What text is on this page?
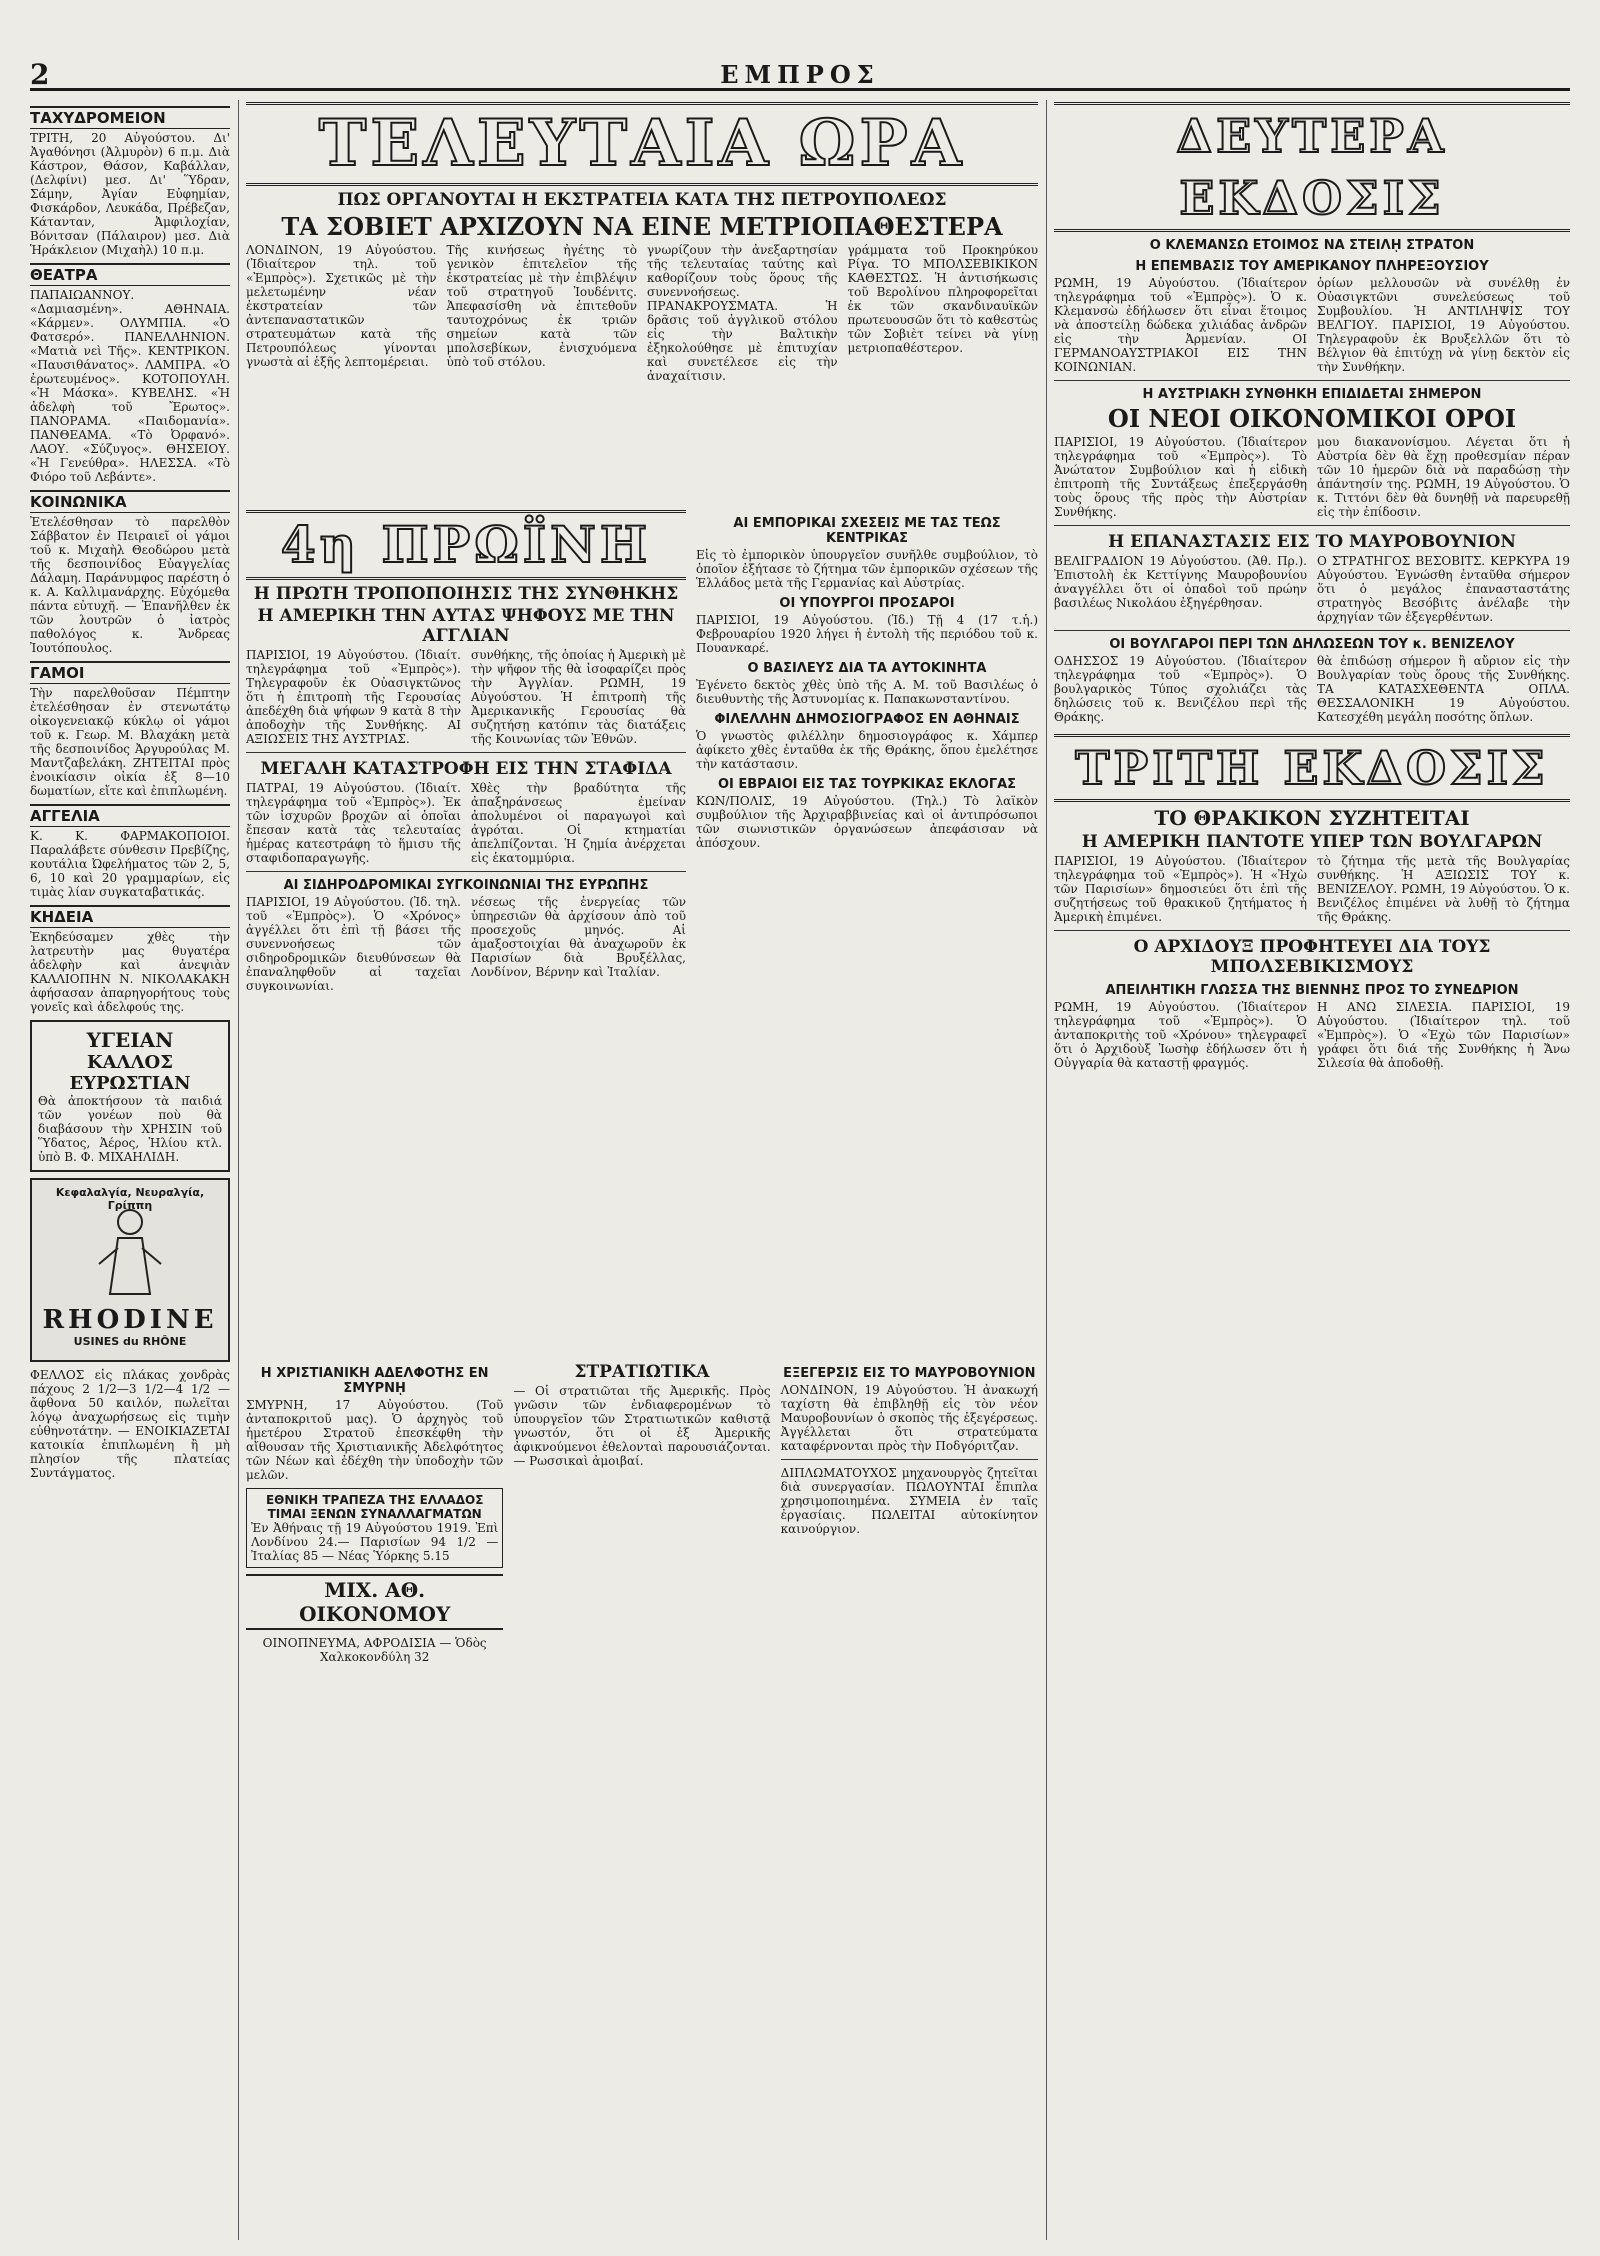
2	ΕΜΠΡΟΣ
ΤΑΧΥΔΡΟΜΕΙΟΝ
ΤΡΙΤΗ, 20 Αὐγούστου. Δι' Ἀγαθόνησι (Ἀλμυρὸν) 6 π.μ. Διὰ Κάστρον, Θάσον, Καβάλλαν, (Δελφίνι) μεσ. Δι' Ὕδραν, Σάμην, Ἀγίαν Εὐφημίαν, Φισκάρδον, Λευκάδα, Πρέβεζαν, Κάτανταν, Ἀμφιλοχίαν, Βόνιτσαν (Πάλαιρον) μεσ. Διὰ Ἡράκλειον (Μιχαὴλ) 10 π.μ.
ΘΕΑΤΡΑ
ΠΑΠΑΙΩΑΝΝΟΥ. «Δαμιασμένη». ΑΘΗΝΑΙΑ. «Κάρμεν». ΟΛΥΜΠΙΑ. «Ὁ Φατσερό». ΠΑΝΕΛΛΗΝΙΟΝ. «Ματιὰ νεὶ Τῆς». ΚΕΝΤΡΙΚΟΝ. «Παυσιθάνατος». ΛΑΜΠΡΑ. «Ὁ ἐρωτευμένος». ΚΟΤΟΠΟΥΛΗ. «Ἡ Μάσκα». ΚΥΒΕΛΗΣ. «Ἡ ἀδελφὴ τοῦ Ἔρωτος». ΠΑΝΟΡΑΜΑ. «Παιδομανία». ΠΑΝΘΕΑΜΑ. «Τὸ Ὀρφανό». ΛΑΟΥ. «Σύζυγος». ΘΗΣΕΙΟΥ. «Ἡ Γενεύθρα». ΗΛΕΣΣΑ. «Τὸ Φιόρο τοῦ Λεβάντε».
ΚΟΙΝΩΝΙΚΑ
Ἐτελέσθησαν τὸ παρελθὸν Σάββατον ἐν Πειραιεῖ οἱ γάμοι τοῦ κ. Μιχαὴλ Θεοδώρου μετὰ τῆς δεσποινίδος Εὐαγγελίας Δάλαμη. Παράνυμφος παρέστη ὁ κ. Α. Καλλιμανάρχης. Εὐχόμεθα πάντα εὐτυχῆ. — Ἐπανῆλθεν ἐκ τῶν λουτρῶν ὁ ἰατρὸς παθολόγος κ. Ἄνδρεας Ἰουτόπουλος.
ΓΑΜΟΙ
Τὴν παρελθοῦσαν Πέμπτην ἐτελέσθησαν ἐν στενωτάτῳ οἰκογενειακῷ κύκλῳ οἱ γάμοι τοῦ κ. Γεωρ. Μ. Βλαχάκη μετὰ τῆς δεσποινίδος Ἀργυρούλας Μ. Μαντζαβελάκη. ΖΗΤΕΙΤΑΙ πρὸς ἐνοικίασιν οἰκία ἐξ 8—10 δωματίων, εἴτε καὶ ἐπιπλωμένη.
ΑΓΓΕΛΙΑ
Κ. Κ. ΦΑΡΜΑΚΟΠΟΙΟΙ. Παραλάβετε σύνθεσιν Πρεβίζης, κουτάλια Ὠφελήματος τῶν 2, 5, 6, 10 καὶ 20 γραμμαρίων, εἰς τιμὰς λίαν συγκαταβατικάς.
ΚΗΔΕΙΑ
Ἐκηδεύσαμεν χθὲς τὴν λατρευτὴν μας θυγατέρα ἀδελφὴν καὶ ἀνεψιὰν ΚΑΛΛΙΟΠΗΝ Ν. ΝΙΚΟΛΑΚΑΚΗ ἀφήσασαν ἀπαρηγορήτους τοὺς γονεῖς καὶ ἀδελφούς της.
ΥΓΕΙΑΝ
ΚΑΛΛΟΣ
ΕΥΡΩΣΤΙΑΝ
Θὰ ἀποκτήσουν τὰ παιδιά τῶν γονέων ποὺ θὰ διαβάσουν τὴν ΧΡΗΣΙΝ τοῦ Ὕδατος, Ἀέρος, Ἡλίου κτλ. ὑπὸ Β. Φ. ΜΙΧΑΗΛΙΔΗ.
Κεφαλαλγία, Νευραλγία, Γρίππη
RHODINE
USINES du RHÔNE
ΦΕΛΛΟΣ εἰς πλάκας χονδρὰς πάχους 2 1/2—3 1/2—4 1/2 — ἄφθονα 50 καιλόν, πωλεῖται λόγῳ ἀναχωρήσεως εἰς τιμὴν εὐθηνοτάτην. — ΕΝΟΙΚΙΑΖΕΤΑΙ κατοικία ἐπιπλωμένη ἢ μὴ πλησίον τῆς πλατείας Συντάγματος.
ΤΕΛΕΥΤΑΙΑ ΩΡΑ
ΠΩΣ ΟΡΓΑΝΟΥΤΑΙ Η ΕΚΣΤΡΑΤΕΙΑ ΚΑΤΑ ΤΗΣ ΠΕΤΡΟΥΠΟΛΕΩΣ
ΤΑ ΣΟΒΙΕΤ ΑΡΧΙΖΟΥΝ ΝΑ ΕΙΝΕ ΜΕΤΡΙΟΠΑΘΕΣΤΕΡΑ
ΛΟΝΔΙΝΟΝ, 19 Αὐγούστου. (Ἰδιαίτερον τηλ. τοῦ «Ἐμπρὸς»). Σχετικῶς μὲ τὴν μελετωμένην νέαν ἐκστρατείαν τῶν ἀντεπαναστατικῶν στρατευμάτων κατὰ τῆς Πετρουπόλεως γίνονται γνωστὰ αἱ ἑξῆς λεπτομέρειαι.
Τῆς κινήσεως ἠγέτης τὸ γενικὸν ἐπιτελεῖον τῆς ἐκστρατείας μὲ τὴν ἐπιβλέψιν τοῦ στρατηγοῦ Ἰουδένιτς. Ἀπεφασίσθη νὰ ἐπιτεθοῦν ταυτοχρόνως ἐκ τριῶν σημείων κατὰ τῶν μπολσεβίκων, ἐνισχυόμενα ὑπὸ τοῦ στόλου.
γνωρίζουν τὴν ἀνεξαρτησίαν τῆς τελευταίας ταύτης καὶ καθορίζουν τοὺς ὅρους τῆς συνεννοήσεως. ΠΡΑΝΑΚΡΟΥΣΜΑΤΑ. Ἡ δρᾶσις τοῦ ἀγγλικοῦ στόλου εἰς τὴν Βαλτικὴν ἐξηκολούθησε μὲ ἐπιτυχίαν καὶ συνετέλεσε εἰς τὴν ἀναχαίτισιν.
γράμματα τοῦ Προκηρύκου Ρίγα. ΤΟ ΜΠΟΛΣΕΒΙΚΙΚΟΝ ΚΑΘΕΣΤΩΣ. Ἡ ἀντισήκωσις τοῦ Βερολίνου πληροφορεῖται ἐκ τῶν σκανδιναυϊκῶν πρωτευουσῶν ὅτι τὸ καθεστὼς τῶν Σοβιὲτ τείνει νὰ γίνῃ μετριοπαθέστερον.
4η ΠΡΩΪΝΗ
Η ΠΡΩΤΗ ΤΡΟΠΟΠΟΙΗΣΙΣ ΤΗΣ ΣΥΝΘΗΚΗΣ
Η ΑΜΕΡΙΚΗ ΤΗΝ ΑΥΤΑΣ ΨΗΦΟΥΣ ΜΕ ΤΗΝ ΑΓΓΛΙΑΝ
ΠΑΡΙΣΙΟΙ, 19 Αὐγούστου. (Ἰδιαίτ. τηλεγράφημα τοῦ «Ἐμπρὸς»). Τηλεγραφοῦν ἐκ Οὐασιγκτῶνος ὅτι ἡ ἐπιτροπὴ τῆς Γερουσίας ἀπεδέχθη διὰ ψήφων 9 κατὰ 8 τὴν ἀποδοχὴν τῆς Συνθήκης. ΑΙ ΑΞΙΩΣΕΙΣ ΤΗΣ ΑΥΣΤΡΙΑΣ.
συνθήκης, τῆς ὁποίας ἡ Ἀμερικὴ μὲ τὴν ψῆφον τῆς θὰ ἰσοφαρίζει πρὸς τὴν Ἀγγλίαν. ΡΩΜΗ, 19 Αὐγούστου. Ἡ ἐπιτροπὴ τῆς Ἀμερικανικῆς Γερουσίας θὰ συζητήσῃ κατόπιν τὰς διατάξεις τῆς Κοινωνίας τῶν Ἐθνῶν.
ΜΕΓΑΛΗ ΚΑΤΑΣΤΡΟΦΗ ΕΙΣ ΤΗΝ ΣΤΑΦΙΔΑ
ΠΑΤΡΑΙ, 19 Αὐγούστου. (Ἰδιαίτ. τηλεγράφημα τοῦ «Ἐμπρὸς»). Ἐκ τῶν ἰσχυρῶν βροχῶν αἱ ὁποῖαι ἔπεσαν κατὰ τὰς τελευταίας ἡμέρας κατεστράφη τὸ ἥμισυ τῆς σταφιδοπαραγωγῆς.
Χθὲς τὴν βραδύτητα τῆς ἀπαξηράνσεως ἐμείναν ἀπολυμένοι οἱ παραγωγοὶ καὶ ἀγρόται. Οἱ κτηματίαι ἀπελπίζονται. Ἡ ζημία ἀνέρχεται εἰς ἑκατομμύρια.
ΑΙ ΣΙΔΗΡΟΔΡΟΜΙΚΑΙ ΣΥΓΚΟΙΝΩΝΙΑΙ ΤΗΣ ΕΥΡΩΠΗΣ
ΠΑΡΙΣΙΟΙ, 19 Αὐγούστου. (Ἰδ. τηλ. τοῦ «Ἐμπρὸς»). Ὁ «Χρόνος» ἀγγέλλει ὅτι ἐπὶ τῇ βάσει τῆς συνεννοήσεως τῶν σιδηροδρομικῶν διευθύνσεων θὰ ἐπαναληφθοῦν αἱ ταχεῖαι συγκοινωνίαι.
νέσεως τῆς ἐνεργείας τῶν ὑπηρεσιῶν θὰ ἀρχίσουν ἀπὸ τοῦ προσεχοῦς μηνός. Αἱ ἁμαξοστοιχίαι θὰ ἀναχωροῦν ἐκ Παρισίων διὰ Βρυξέλλας, Λονδίνον, Βέρνην καὶ Ἰταλίαν.
ΑΙ ΕΜΠΟΡΙΚΑΙ ΣΧΕΣΕΙΣ ΜΕ ΤΑΣ ΤΕΩΣ ΚΕΝΤΡΙΚΑΣ
Εἰς τὸ ἐμπορικὸν ὑπουργεῖον συνῆλθε συμβούλιον, τὸ ὁποῖον ἐξήτασε τὸ ζήτημα τῶν ἐμπορικῶν σχέσεων τῆς Ἑλλάδος μετὰ τῆς Γερμανίας καὶ Αὐστρίας.
ΟΙ ΥΠΟΥΡΓΟΙ ΠΡΟΣΑΡΟΙ
ΠΑΡΙΣΙΟΙ, 19 Αὐγούστου. (Ἰδ.) Τῇ 4 (17 τ.ἡ.) Φεβρουαρίου 1920 λήγει ἡ ἐντολὴ τῆς περιόδου τοῦ κ. Πουανκαρέ.
Ο ΒΑΣΙΛΕΥΣ ΔΙΑ ΤΑ ΑΥΤΟΚΙΝΗΤΑ
Ἐγένετο δεκτὸς χθὲς ὑπὸ τῆς Α. Μ. τοῦ Βασιλέως ὁ διευθυντὴς τῆς Ἀστυνομίας κ. Παπακωνσταντίνου.
ΦΙΛΕΛΛΗΝ ΔΗΜΟΣΙΟΓΡΑΦΟΣ ΕΝ ΑΘΗΝΑΙΣ
Ὁ γνωστὸς φιλέλλην δημοσιογράφος κ. Χάμπερ ἀφίκετο χθὲς ἐνταῦθα ἐκ τῆς Θράκης, ὅπου ἐμελέτησε τὴν κατάστασιν.
ΟΙ ΕΒΡΑΙΟΙ ΕΙΣ ΤΑΣ ΤΟΥΡΚΙΚΑΣ ΕΚΛΟΓΑΣ
ΚΩΝ/ΠΟΛΙΣ, 19 Αὐγούστου. (Τηλ.) Τὸ λαϊκὸν συμβούλιον τῆς Ἀρχιραββινείας καὶ οἱ ἀντιπρόσωποι τῶν σιωνιστικῶν ὀργανώσεων ἀπεφάσισαν νὰ ἀπόσχουν.
Η ΧΡΙΣΤΙΑΝΙΚΗ ΑΔΕΛΦΟΤΗΣ ΕΝ ΣΜΥΡΝῌ
ΣΜΥΡΝΗ, 17 Αὐγούστου. (Τοῦ ἀνταποκριτοῦ μας). Ὁ ἀρχηγὸς τοῦ ἡμετέρου Στρατοῦ ἐπεσκέφθη τὴν αἴθουσαν τῆς Χριστιανικῆς Ἀδελφότητος τῶν Νέων καὶ ἐδέχθη τὴν ὑποδοχὴν τῶν μελῶν.
ΕΘΝΙΚΗ ΤΡΑΠΕΖΑ ΤΗΣ ΕΛΛΑΔΟΣ
ΤΙΜΑΙ ΞΕΝΩΝ ΣΥΝΑΛΛΑΓΜΑΤΩΝ
Ἐν Ἀθήναις τῇ 19 Αὐγούστου 1919. Ἐπὶ Λονδίνου 24.— Παρισίων 94 1/2 — Ἰταλίας 85 — Νέας Ὑόρκης 5.15
ΜΙΧ. ΑΘ. ΟΙΚΟΝΟΜΟΥ
ΟΙΝΟΠΝΕΥΜΑ, ΑΦΡΟΔΙΣΙΑ — Ὁδὸς Χαλκοκονδύλη 32
ΣΤΡΑΤΙΩΤΙΚΑ
— Οἱ στρατιῶται τῆς Ἀμερικῆς. Πρὸς γνῶσιν τῶν ἐνδιαφερομένων τὸ ὑπουργεῖον τῶν Στρατιωτικῶν καθιστᾷ γνωστόν, ὅτι οἱ ἐξ Ἀμερικῆς ἀφικνούμενοι ἐθελονταὶ παρουσιάζονται. — Ρωσσικαὶ ἀμοιβαί.
ΕΞΕΓΕΡΣΙΣ ΕΙΣ ΤΟ ΜΑΥΡΟΒΟΥΝΙΟΝ
ΛΟΝΔΙΝΟΝ, 19 Αὐγούστου. Ἡ ἀνακωχή ταχίστη θὰ ἐπιβληθῇ εἰς τὸν νέον Μαυροβουνίων ὁ σκοπὸς τῆς ἐξεγέρσεως. Ἀγγέλλεται ὅτι στρατεύματα καταφέρνονται πρὸς τὴν Ποδγόριτζαν.
ΔΙΠΛΩΜΑΤΟΥΧΟΣ μηχανουργὸς ζητεῖται διὰ συνεργασίαν. ΠΩΛΟΥΝΤΑΙ ἔπιπλα χρησιμοποιημένα. ΣΥΜΕΙΑ ἐν ταῖς ἐργασίαις. ΠΩΛΕΙΤΑΙ αὐτοκίνητον καινούργιον.
ΔΕΥΤΕΡΑ ΕΚΔΟΣΙΣ
Ο ΚΛΕΜΑΝΣΩ ΕΤΟΙΜΟΣ ΝΑ ΣΤΕΙΛῌ ΣΤΡΑΤΟΝ
Η ΕΠΕΜΒΑΣΙΣ ΤΟΥ ΑΜΕΡΙΚΑΝΟΥ ΠΛΗΡΕΞΟΥΣΙΟΥ
ΡΩΜΗ, 19 Αὐγούστου. (Ἰδιαίτερον τηλεγράφημα τοῦ «Ἐμπρὸς»). Ὁ κ. Κλεμανσὼ ἐδήλωσεν ὅτι εἶναι ἕτοιμος νὰ ἀποστείλῃ δώδεκα χιλιάδας ἀνδρῶν εἰς τὴν Ἀρμενίαν. ΟΙ ΓΕΡΜΑΝΟΑΥΣΤΡΙΑΚΟΙ ΕΙΣ ΤΗΝ ΚΟΙΝΩΝΙΑΝ.
ὁρίων μελλουσῶν νὰ συνέλθῃ ἐν Οὐασιγκτῶνι συνελεύσεως τοῦ Συμβουλίου. Ἡ ΑΝΤΙΛΗΨΙΣ ΤΟΥ ΒΕΛΓΙΟΥ. ΠΑΡΙΣΙΟΙ, 19 Αὐγούστου. Τηλεγραφοῦν ἐκ Βρυξελλῶν ὅτι τὸ Βέλγιον θὰ ἐπιτύχῃ νὰ γίνῃ δεκτὸν εἰς τὴν Συνθήκην.
Η ΑΥΣΤΡΙΑΚΗ ΣΥΝΘΗΚΗ ΕΠΙΔΙΔΕΤΑΙ ΣΗΜΕΡΟΝ
ΟΙ ΝΕΟΙ ΟΙΚΟΝΟΜΙΚΟΙ ΟΡΟΙ
ΠΑΡΙΣΙΟΙ, 19 Αὐγούστου. (Ἰδιαίτερον τηλεγράφημα τοῦ «Ἐμπρὸς»). Τὸ Ἀνώτατον Συμβούλιον καὶ ἡ εἰδικὴ ἐπιτροπὴ τῆς Συντάξεως ἐπεξεργάσθη τοὺς ὅρους τῆς πρὸς τὴν Αὐστρίαν Συνθήκης.
μου διακανονίσμου. Λέγεται ὅτι ἡ Αὐστρία δὲν θὰ ἔχῃ προθεσμίαν πέραν τῶν 10 ἡμερῶν διὰ νὰ παραδώσῃ τὴν ἀπάντησίν της. ΡΩΜΗ, 19 Αὐγούστου. Ὁ κ. Τιττόνι δὲν θὰ δυνηθῇ νὰ παρευρεθῇ εἰς τὴν ἐπίδοσιν.
Η ΕΠΑΝΑΣΤΑΣΙΣ ΕΙΣ ΤΟ ΜΑΥΡΟΒΟΥΝΙΟΝ
ΒΕΛΙΓΡΑΔΙΟΝ 19 Αὐγούστου. (Ἀθ. Πρ.). Ἐπιστολὴ ἐκ Κεττίγνης Μαυροβουνίου ἀναγγέλλει ὅτι οἱ ὀπαδοὶ τοῦ πρώην βασιλέως Νικολάου ἐξηγέρθησαν.
Ο ΣΤΡΑΤΗΓΟΣ ΒΕΣΟΒΙΤΣ. ΚΕΡΚΥΡΑ 19 Αὐγούστου. Ἐγνώσθη ἐνταῦθα σήμερον ὅτι ὁ μεγάλος ἐπανασταστάτης στρατηγὸς Βεσόβιτς ἀνέλαβε τὴν ἀρχηγίαν τῶν ἐξεγερθέντων.
ΟΙ ΒΟΥΛΓΑΡΟΙ ΠΕΡΙ ΤΩΝ ΔΗΛΩΣΕΩΝ ΤΟΥ κ. ΒΕΝΙΖΕΛΟΥ
ΟΔΗΣΣΟΣ 19 Αὐγούστου. (Ἰδιαίτερον τηλεγράφημα τοῦ «Ἐμπρὸς»). Ὁ βουλγαρικὸς Τύπος σχολιάζει τὰς δηλώσεις τοῦ κ. Βενιζέλου περὶ τῆς Θράκης.
θὰ ἐπιδώσῃ σήμερον ἢ αὔριον εἰς τὴν Βουλγαρίαν τοὺς ὅρους τῆς Συνθήκης. ΤΑ ΚΑΤΑΣΧΕΘΕΝΤΑ ΟΠΛΑ. ΘΕΣΣΑΛΟΝΙΚΗ 19 Αὐγούστου. Κατεσχέθη μεγάλη ποσότης ὅπλων.
ΤΡΙΤΗ ΕΚΔΟΣΙΣ
ΤΟ ΘΡΑΚΙΚΟΝ ΣΥΖΗΤΕΙΤΑΙ
Η ΑΜΕΡΙΚΗ ΠΑΝΤΟΤΕ ΥΠΕΡ ΤΩΝ ΒΟΥΛΓΑΡΩΝ
ΠΑΡΙΣΙΟΙ, 19 Αὐγούστου. (Ἰδιαίτερον τηλεγράφημα τοῦ «Ἐμπρὸς»). Ἡ «Ἠχὼ τῶν Παρισίων» δημοσιεύει ὅτι ἐπὶ τῆς συζητήσεως τοῦ θρακικοῦ ζητήματος ἡ Ἀμερικὴ ἐπιμένει.
τὸ ζήτημα τῆς μετὰ τῆς Βουλγαρίας συνθήκης. Ἡ ΑΞΙΩΣΙΣ ΤΟΥ κ. ΒΕΝΙΖΕΛΟΥ. ΡΩΜΗ, 19 Αὐγούστου. Ὁ κ. Βενιζέλος ἐπιμένει νὰ λυθῇ τὸ ζήτημα τῆς Θράκης.
Ο ΑΡΧΙΔΟΥΞ ΠΡΟΦΗΤΕΥΕΙ ΔΙΑ ΤΟΥΣ ΜΠΟΛΣΕΒΙΚΙΣΜΟΥΣ
ΑΠΕΙΛΗΤΙΚΗ ΓΛΩΣΣΑ ΤΗΣ ΒΙΕΝΝΗΣ ΠΡΟΣ ΤΟ ΣΥΝΕΔΡΙΟΝ
ΡΩΜΗ, 19 Αὐγούστου. (Ἰδιαίτερον τηλεγράφημα τοῦ «Ἐμπρὸς»). Ὁ ἀνταποκριτὴς τοῦ «Χρόνου» τηλεγραφεῖ ὅτι ὁ Ἀρχιδοὺξ Ἰωσὴφ ἐδήλωσεν ὅτι ἡ Οὑγγαρία θὰ καταστῇ φραγμός.
Η ΑΝΩ ΣΙΛΕΣΙΑ. ΠΑΡΙΣΙΟΙ, 19 Αὐγούστου. (Ἰδιαίτερον τηλ. τοῦ «Ἐμπρὸς»). Ὁ «Ἐχὼ τῶν Παρισίων» γράφει ὅτι διά τῆς Συνθήκης ἡ Ἄνω Σιλεσία θὰ ἀποδοθῇ.
